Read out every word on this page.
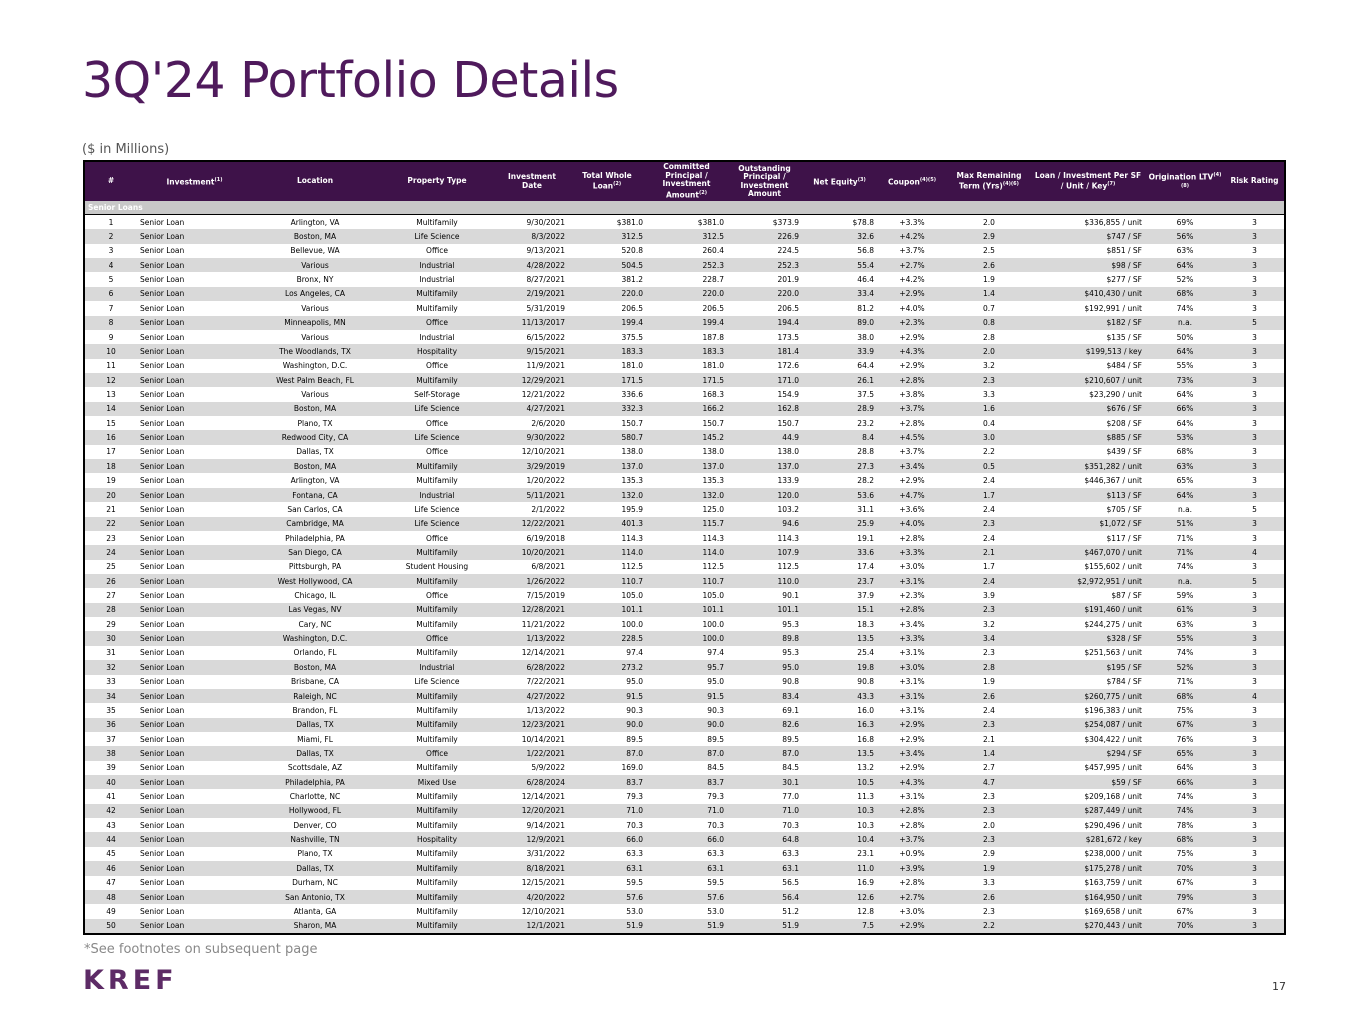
3Q'24 Portfolio Details
($ in Millions)
#	Investment$^{(1)}$	Location	Property Type	Investment Date	Total Whole Loan$^{(2)}$	Committed Principal / Investment Amount$^{(2)}$	Outstanding Principal / Investment Amount	Net Equity$^{(3)}$	Coupon$^{(4)(5)}$	Max Remaining Term (Yrs)$^{(4)(6)}$	Loan / Investment Per SF / Unit / Key$^{(7)}$	Origination $LTV^{(4)(8)}$	Risk Rating
Senior Loans													
1	Senior Loan	Arlington, VA	Multifamily	9/30/2021	$381.0	$381.0	$373.9	$78.8	+3.3%	2.0	$336,855 / unit	69%	3
2	Senior Loan	Boston, MA	Life Science	8/3/2022	312.5	312.5	226.9	32.6	+4.2%	2.9	$747 / SF	56%	3
3	Senior Loan	Bellevue, WA	Office	9/13/2021	520.8	260.4	224.5	56.8	+3.7%	2.5	$851 / SF	63%	3
4	Senior Loan	Various	Industrial	4/28/2022	504.5	252.3	252.3	55.4	+2.7%	2.6	$98 / SF	64%	3
5	Senior Loan	Bronx, NY	Industrial	8/27/2021	381.2	228.7	201.9	46.4	+4.2%	1.9	$277 / SF	52%	3
6	Senior Loan	Los Angeles, CA	Multifamily	2/19/2021	220.0	220.0	220.0	33.4	+2.9%	1.4	$410,430 / unit	68%	3
7	Senior Loan	Various	Multifamily	5/31/2019	206.5	206.5	206.5	81.2	+4.0%	0.7	$192,991 / unit	74%	3
8	Senior Loan	Minneapolis, MN	Office	11/13/2017	199.4	199.4	194.4	89.0	+2.3%	0.8	$182 / SF	n.a.	5
9	Senior Loan	Various	Industrial	6/15/2022	375.5	187.8	173.5	38.0	+2.9%	2.8	$135 / SF	50%	3
10	Senior Loan	The Woodlands, TX	Hospitality	9/15/2021	183.3	183.3	181.4	33.9	+4.3%	2.0	$199,513 / key	64%	3
11	Senior Loan	Washington, D.C.	Office	11/9/2021	181.0	181.0	172.6	64.4	+2.9%	3.2	$484 / SF	55%	3
12	Senior Loan	West Palm Beach, FL	Multifamily	12/29/2021	171.5	171.5	171.0	26.1	+2.8%	2.3	$210,607 / unit	73%	3
13	Senior Loan	Various	Self-Storage	12/21/2022	336.6	168.3	154.9	37.5	+3.8%	3.3	$23,290 / unit	64%	3
14	Senior Loan	Boston, MA	Life Science	4/27/2021	332.3	166.2	162.8	28.9	+3.7%	1.6	$676 / SF	66%	3
15	Senior Loan	Plano, TX	Office	2/6/2020	150.7	150.7	150.7	23.2	+2.8%	0.4	$208 / SF	64%	3
16	Senior Loan	Redwood City, CA	Life Science	9/30/2022	580.7	145.2	44.9	8.4	+4.5%	3.0	$885 / SF	53%	3
17	Senior Loan	Dallas, TX	Office	12/10/2021	138.0	138.0	138.0	28.8	+3.7%	2.2	$439 / SF	68%	3
18	Senior Loan	Boston, MA	Multifamily	3/29/2019	137.0	137.0	137.0	27.3	+3.4%	0.5	$351,282 / unit	63%	3
19	Senior Loan	Arlington, VA	Multifamily	1/20/2022	135.3	135.3	133.9	28.2	+2.9%	2.4	$446,367 / unit	65%	3
20	Senior Loan	Fontana, CA	Industrial	5/11/2021	132.0	132.0	120.0	53.6	+4.7%	1.7	$113 / SF	64%	3
21	Senior Loan	San Carlos, CA	Life Science	2/1/2022	195.9	125.0	103.2	31.1	+3.6%	2.4	$705 / SF	n.a.	5
22	Senior Loan	Cambridge, MA	Life Science	12/22/2021	401.3	115.7	94.6	25.9	+4.0%	2.3	$1,072 / SF	51%	3
23	Senior Loan	Philadelphia, PA	Office	6/19/2018	114.3	114.3	114.3	19.1	+2.8%	2.4	$117 / SF	71%	3
24	Senior Loan	San Diego, CA	Multifamily	10/20/2021	114.0	114.0	107.9	33.6	+3.3%	2.1	$467,070 / unit	71%	4
25	Senior Loan	Pittsburgh, PA	Student Housing	6/8/2021	112.5	112.5	112.5	17.4	+3.0%	1.7	$155,602 / unit	74%	3
26	Senior Loan	West Hollywood, CA	Multifamily	1/26/2022	110.7	110.7	110.0	23.7	+3.1%	2.4	$2,972,951 / unit	n.a.	5
27	Senior Loan	Chicago, IL	Office	7/15/2019	105.0	105.0	90.1	37.9	+2.3%	3.9	$87 / SF	59%	3
28	Senior Loan	Las Vegas, NV	Multifamily	12/28/2021	101.1	101.1	101.1	15.1	+2.8%	2.3	$191,460 / unit	61%	3
29	Senior Loan	Cary, NC	Multifamily	11/21/2022	100.0	100.0	95.3	18.3	+3.4%	3.2	$244,275 / unit	63%	3
30	Senior Loan	Washington, D.C.	Office	1/13/2022	228.5	100.0	89.8	13.5	+3.3%	3.4	$328 / SF	55%	3
31	Senior Loan	Orlando, FL	Multifamily	12/14/2021	97.4	97.4	95.3	25.4	+3.1%	2.3	$251,563 / unit	74%	3
32	Senior Loan	Boston, MA	Industrial	6/28/2022	273.2	95.7	95.0	19.8	+3.0%	2.8	$195 / SF	52%	3
33	Senior Loan	Brisbane, CA	Life Science	7/22/2021	95.0	95.0	90.8	90.8	+3.1%	1.9	$784 / SF	71%	3
34	Senior Loan	Raleigh, NC	Multifamily	4/27/2022	91.5	91.5	83.4	43.3	+3.1%	2.6	$260,775 / unit	68%	4
35	Senior Loan	Brandon, FL	Multifamily	1/13/2022	90.3	90.3	69.1	16.0	+3.1%	2.4	$196,383 / unit	75%	3
36	Senior Loan	Dallas, TX	Multifamily	12/23/2021	90.0	90.0	82.6	16.3	+2.9%	2.3	$254,087 / unit	67%	3
37	Senior Loan	Miami, FL	Multifamily	10/14/2021	89.5	89.5	89.5	16.8	+2.9%	2.1	$304,422 / unit	76%	3
38	Senior Loan	Dallas, TX	Office	1/22/2021	87.0	87.0	87.0	13.5	+3.4%	1.4	$294 / SF	65%	3
39	Senior Loan	Scottsdale, AZ	Multifamily	5/9/2022	169.0	84.5	84.5	13.2	+2.9%	2.7	$457,995 / unit	64%	3
40	Senior Loan	Philadelphia, PA	Mixed Use	6/28/2024	83.7	83.7	30.1	10.5	+4.3%	4.7	$59 / SF	66%	3
41	Senior Loan	Charlotte, NC	Multifamily	12/14/2021	79.3	79.3	77.0	11.3	+3.1%	2.3	$209,168 / unit	74%	3
42	Senior Loan	Hollywood, FL	Multifamily	12/20/2021	71.0	71.0	71.0	10.3	+2.8%	2.3	$287,449 / unit	74%	3
43	Senior Loan	Denver, CO	Multifamily	9/14/2021	70.3	70.3	70.3	10.3	+2.8%	2.0	$290,496 / unit	78%	3
44	Senior Loan	Nashville, TN	Hospitality	12/9/2021	66.0	66.0	64.8	10.4	+3.7%	2.3	$281,672 / key	68%	3
45	Senior Loan	Plano, TX	Multifamily	3/31/2022	63.3	63.3	63.3	23.1	+0.9%	2.9	$238,000 / unit	75%	3
46	Senior Loan	Dallas, TX	Multifamily	8/18/2021	63.1	63.1	63.1	11.0	+3.9%	1.9	$175,278 / unit	70%	3
47	Senior Loan	Durham, NC	Multifamily	12/15/2021	59.5	59.5	56.5	16.9	+2.8%	3.3	$163,759 / unit	67%	3
48	Senior Loan	San Antonio, TX	Multifamily	4/20/2022	57.6	57.6	56.4	12.6	+2.7%	2.6	$164,950 / unit	79%	3
49	Senior Loan	Atlanta, GA	Multifamily	12/10/2021	53.0	53.0	51.2	12.8	+3.0%	2.3	$169,658 / unit	67%	3
50	Senior Loan	Sharon, MA	Multifamily	12/1/2021	51.9	51.9	51.9	7.5	+2.9%	2.2	$270,443 / unit	70%	3
*See footnotes on subsequent page
KREF	17
